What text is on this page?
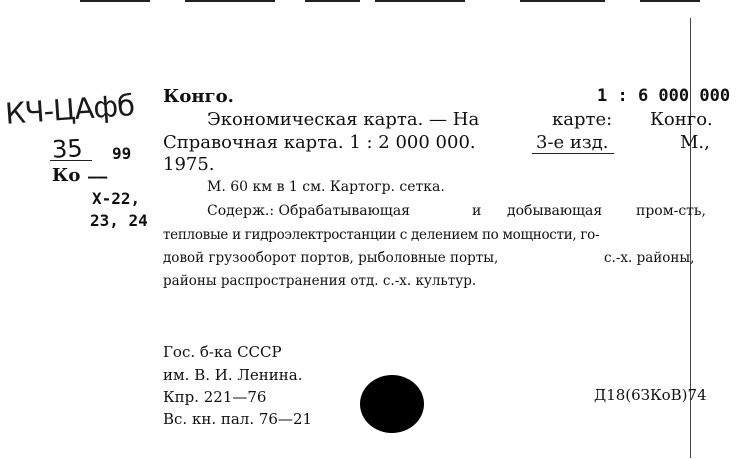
КЧ-ЦАфб
35 99
Ко ——
Х-22,
23, 24
Конго.	1 : 6 000 000
Экономическая карта. — На	карте: Конго.
Справочная карта. 1 : 2 000 000.	3-е изд.	М.,
1975.
М. 60 км в 1 см. Картогр. сетка.
Содерж.: Обрабатывающая	и добывающая пром-сть,
тепловые и гидроэлектростанции с делением по мощности, го-
довой грузооборот портов, рыболовные порты,	с.-х. районы,
районы распространения отд. с.-х. культур.
Гос. б-ка СССР
им. В. И. Ленина.
Кпр. 221—76
Вс. кн. пал. 76—21
Д18(6ЗКоВ)74
